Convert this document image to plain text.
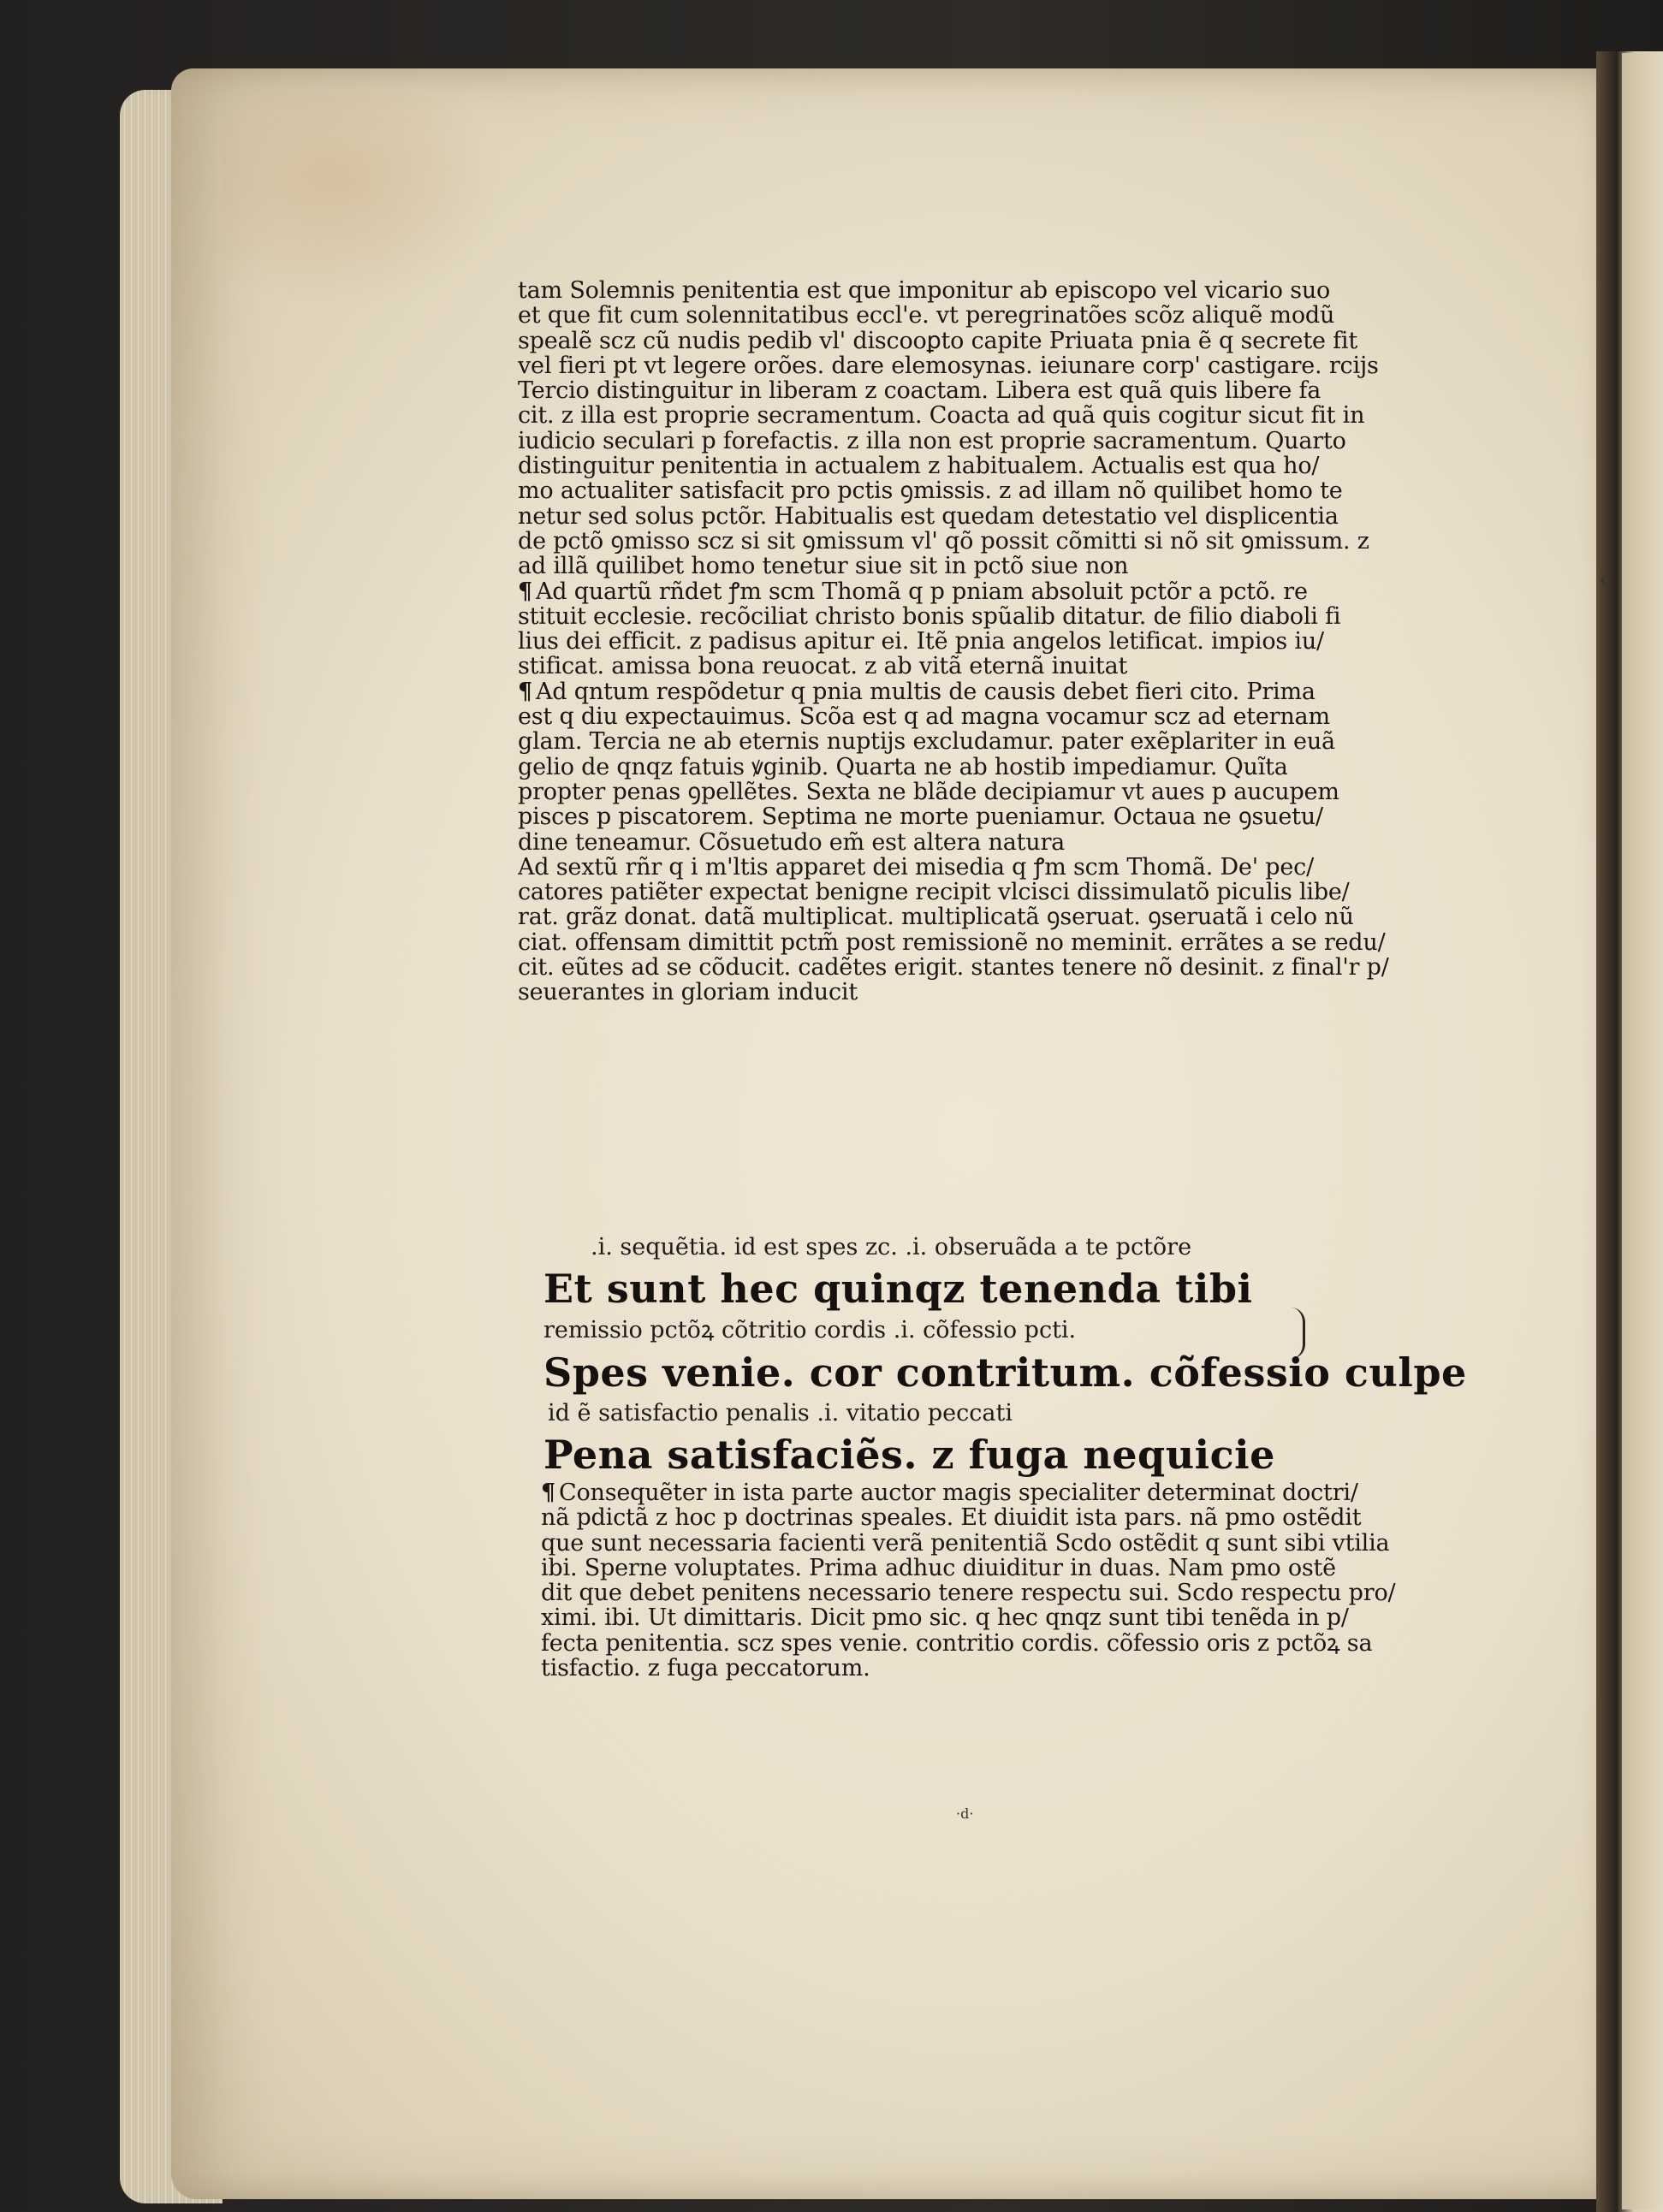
tam Solemnis penitentia est que imponitur ab episcopo vel vicario suo
et que fit cum solennitatibus eccl'e. vt peregrinatões scõz aliquẽ modũ
spealẽ scz cũ nudis pedib vl' discooꝑto capite Priuata pnia ẽ q secrete fit
vel fieri pt vt legere orões. dare elemosynas. ieiunare corp' castigare. rcijs
Tercio distinguitur in liberam z coactam. Libera est quã quis libere fa
cit. z illa est proprie secramentum. Coacta ad quã quis cogitur sicut fit in
iudicio seculari p forefactis. z illa non est proprie sacramentum. Quarto
distinguitur penitentia in actualem z habitualem. Actualis est qua ho/
mo actualiter satisfacit pro pctis ꝯmissis. z ad illam nõ quilibet homo te
netur sed solus pctõr. Habitualis est quedam detestatio vel displicentia
de pctõ ꝯmisso scz si sit ꝯmissum vl' qõ possit cõmitti si nõ sit ꝯmissum. z
ad illã quilibet homo tenetur siue sit in pctõ siue non
¶ Ad quartũ rñdet ꝭm scm Thomã q p pniam absoluit pctõr a pctõ. re
stituit ecclesie. recõciliat christo bonis spũalib ditatur. de filio diaboli fi
lius dei efficit. z padisus apitur ei. Itẽ pnia angelos letificat. impios iu/
stificat. amissa bona reuocat. z ab vitã eternã inuitat
¶ Ad qntum respõdetur q pnia multis de causis debet fieri cito. Prima
est q diu expectauimus. Scõa est q ad magna vocamur scz ad eternam
glam. Tercia ne ab eternis nuptijs excludamur. pater exẽplariter in euã
gelio de qnqz fatuis ꝟginib. Quarta ne ab hostib impediamur. Quĩta
propter penas ꝯpellẽtes. Sexta ne blãde decipiamur vt aues p aucupem
pisces p piscatorem. Septima ne morte pueniamur. Octaua ne ꝯsuetu/
dine teneamur. Cõsuetudo em̃ est altera natura
Ad sextũ rñr q i m'ltis apparet dei misedia q ꝭm scm Thomã. De' pec/
catores patiẽter expectat benigne recipit vlcisci dissimulatõ piculis libe/
rat. grãz donat. datã multiplicat. multiplicatã ꝯseruat. ꝯseruatã i celo nũ
ciat. offensam dimittit pctm̃ post remissionẽ no meminit. errãtes a se redu/
cit. eũtes ad se cõducit. cadẽtes erigit. stantes tenere nõ desinit. z final'r p/
seuerantes in gloriam inducit
.i. sequẽtia. id est spes zc. .i. obseruãda a te pctõre
Et sunt hec quinqz tenenda tibi
remissio pctõꝝ cõtritio cordis .i. cõfessio pcti.
Spes venie. cor contritum. cõfessio culpe
id ẽ satisfactio penalis .i. vitatio peccati
Pena satisfaciẽs. z fuga nequicie
¶ Consequẽter in ista parte auctor magis specialiter determinat doctri/
nã pdictã z hoc p doctrinas speales. Et diuidit ista pars. nã pmo ostẽdit
que sunt necessaria facienti verã penitentiã Scdo ostẽdit q sunt sibi vtilia
ibi. Sperne voluptates. Prima adhuc diuiditur in duas. Nam pmo ostẽ
dit que debet penitens necessario tenere respectu sui. Scdo respectu pro/
ximi. ibi. Ut dimittaris. Dicit pmo sic. q hec qnqz sunt tibi tenẽda in p/
fecta penitentia. scz spes venie. contritio cordis. cõfessio oris z pctõꝝ sa
tisfactio. z fuga peccatorum.
·d·
‹
